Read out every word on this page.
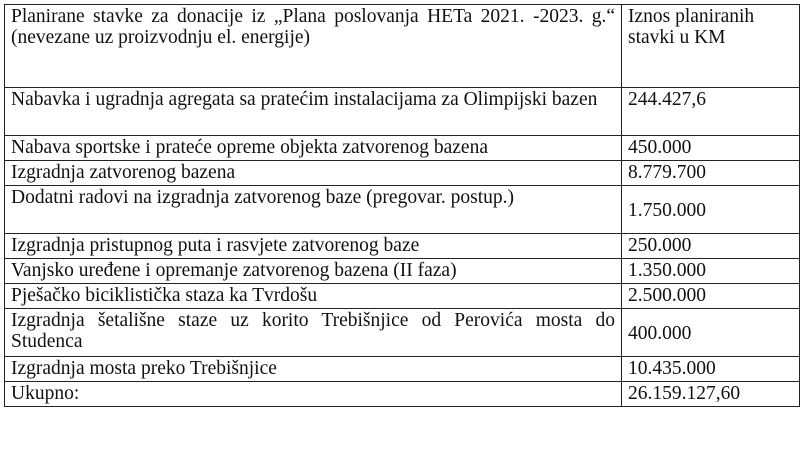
Planirane stavke za donacije iz „Plana poslovanja HETa 2021. -2023. g.“ (nevezane uz proizvodnju el. energije)	Iznos planiranih stavki u KM
Nabavka i ugradnja agregata sa pratećim instalacijama za Olimpijski bazen	244.427,6
Nabava sportske i prateće opreme objekta zatvorenog bazena	450.000
Izgradnja zatvorenog bazena	8.779.700
Dodatni radovi na izgradnja zatvorenog baze (pregovar. postup.)	1.750.000
Izgradnja pristupnog puta i rasvjete zatvorenog baze	250.000
Vanjsko uređene i opremanje zatvorenog bazena (II faza)	1.350.000
Pješačko biciklistička staza ka Tvrdošu	2.500.000
Izgradnja šetališne staze uz korito Trebišnjice od Perovića mosta do Studenca	400.000
Izgradnja mosta preko Trebišnjice	10.435.000
Ukupno:	26.159.127,60
